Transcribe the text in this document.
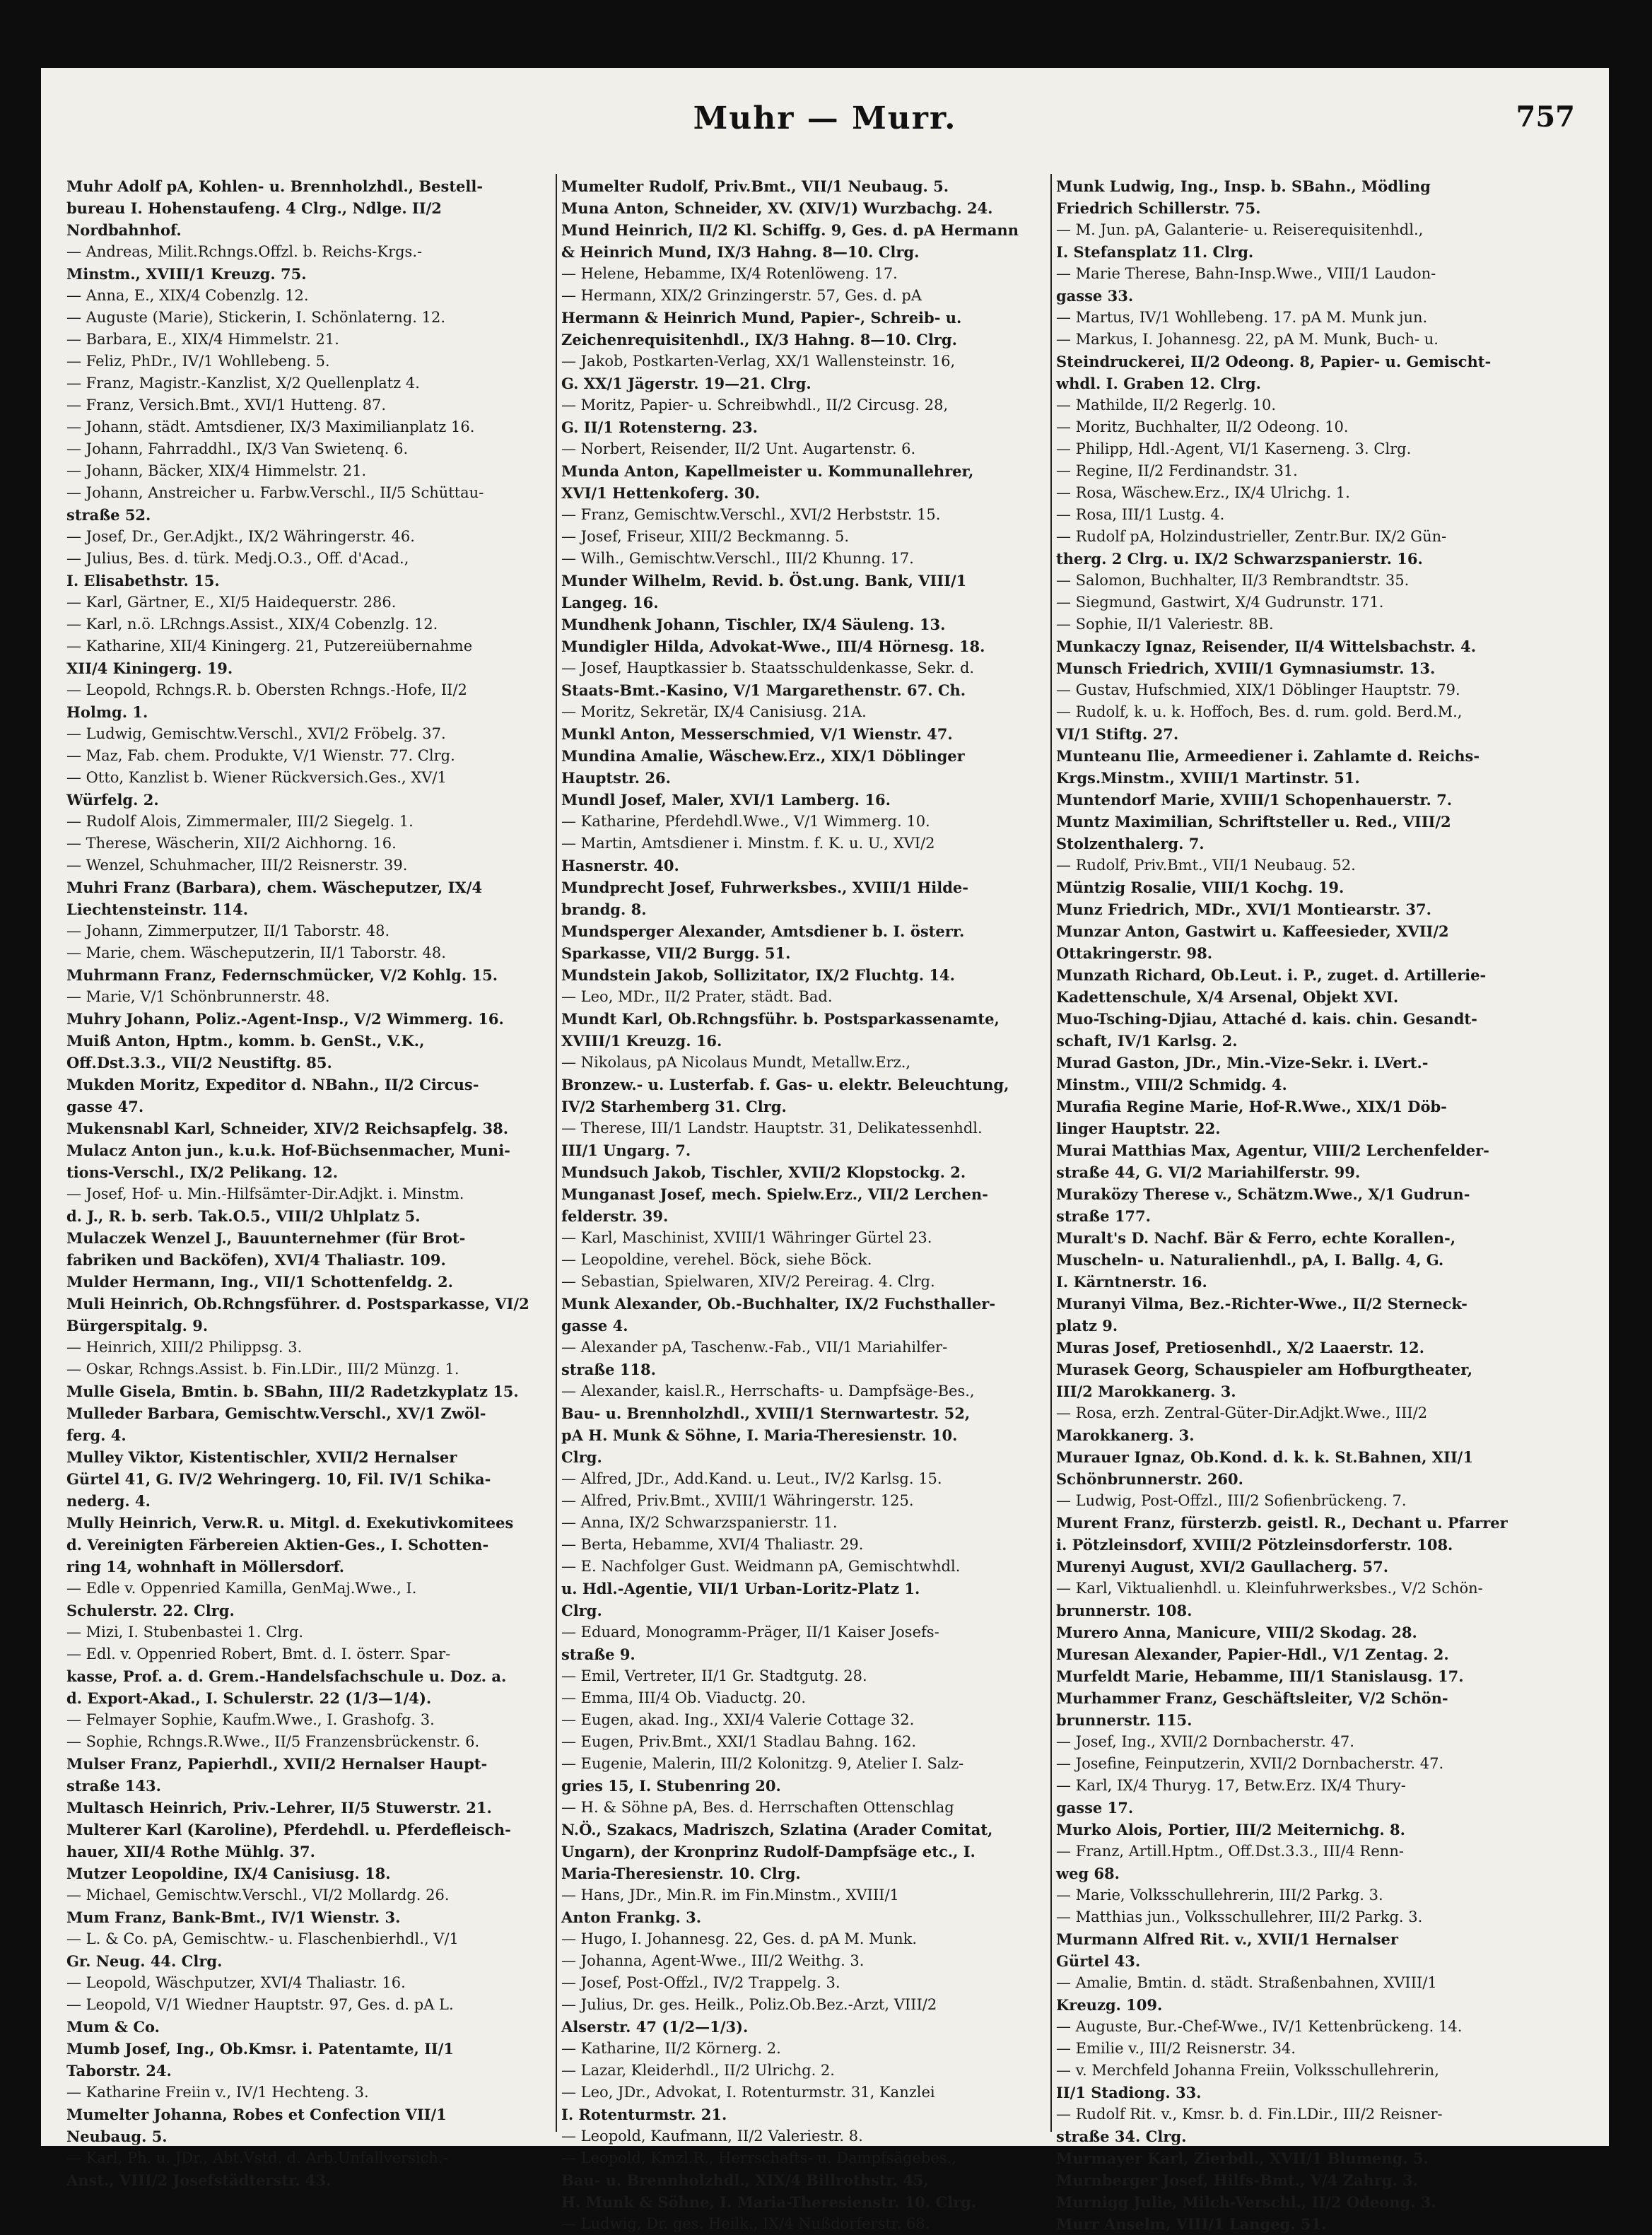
Muhr — Murr.	757
Muhr Adolf pA, Kohlen- u. Brennholzhdl., Bestell-
bureau I. Hohenstaufeng. 4 Clrg., Ndlge. II/2
Nordbahnhof.
— Andreas, Milit.Rchngs.Offzl. b. Reichs-Krgs.-
Minstm., XVIII/1 Kreuzg. 75.
— Anna, E., XIX/4 Cobenzlg. 12.
— Auguste (Marie), Stickerin, I. Schönlaterng. 12.
— Barbara, E., XIX/4 Himmelstr. 21.
— Feliz, PhDr., IV/1 Wohllebeng. 5.
— Franz, Magistr.-Kanzlist, X/2 Quellenplatz 4.
— Franz, Versich.Bmt., XVI/1 Hutteng. 87.
— Johann, städt. Amtsdiener, IX/3 Maximilianplatz 16.
— Johann, Fahrraddhl., IX/3 Van Swietenq. 6.
— Johann, Bäcker, XIX/4 Himmelstr. 21.
— Johann, Anstreicher u. Farbw.Verschl., II/5 Schüttau-
straße 52.
— Josef, Dr., Ger.Adjkt., IX/2 Währingerstr. 46.
— Julius, Bes. d. türk. Medj.O.3., Off. d'Acad.,
I. Elisabethstr. 15.
— Karl, Gärtner, E., XI/5 Haidequerstr. 286.
— Karl, n.ö. LRchngs.Assist., XIX/4 Cobenzlg. 12.
— Katharine, XII/4 Kiningerg. 21, Putzereiübernahme
XII/4 Kiningerg. 19.
— Leopold, Rchngs.R. b. Obersten Rchngs.-Hofe, II/2
Holmg. 1.
— Ludwig, Gemischtw.Verschl., XVI/2 Fröbelg. 37.
— Maz, Fab. chem. Produkte, V/1 Wienstr. 77. Clrg.
— Otto, Kanzlist b. Wiener Rückversich.Ges., XV/1
Würfelg. 2.
— Rudolf Alois, Zimmermaler, III/2 Siegelg. 1.
— Therese, Wäscherin, XII/2 Aichhorng. 16.
— Wenzel, Schuhmacher, III/2 Reisnerstr. 39.
Muhri Franz (Barbara), chem. Wäscheputzer, IX/4
Liechtensteinstr. 114.
— Johann, Zimmerputzer, II/1 Taborstr. 48.
— Marie, chem. Wäscheputzerin, II/1 Taborstr. 48.
Muhrmann Franz, Federnschmücker, V/2 Kohlg. 15.
— Marie, V/1 Schönbrunnerstr. 48.
Muhry Johann, Poliz.-Agent-Insp., V/2 Wimmerg. 16.
Muiß Anton, Hptm., komm. b. GenSt., V.K.,
Off.Dst.3.3., VII/2 Neustiftg. 85.
Mukden Moritz, Expeditor d. NBahn., II/2 Circus-
gasse 47.
Mukensnabl Karl, Schneider, XIV/2 Reichsapfelg. 38.
Mulacz Anton jun., k.u.k. Hof-Büchsenmacher, Muni-
tions-Verschl., IX/2 Pelikang. 12.
— Josef, Hof- u. Min.-Hilfsämter-Dir.Adjkt. i. Minstm.
d. J., R. b. serb. Tak.O.5., VIII/2 Uhlplatz 5.
Mulaczek Wenzel J., Bauunternehmer (für Brot-
fabriken und Backöfen), XVI/4 Thaliastr. 109.
Mulder Hermann, Ing., VII/1 Schottenfeldg. 2.
Muli Heinrich, Ob.Rchngsführer. d. Postsparkasse, VI/2
Bürgerspitalg. 9.
— Heinrich, XIII/2 Philippsg. 3.
— Oskar, Rchngs.Assist. b. Fin.LDir., III/2 Münzg. 1.
Mulle Gisela, Bmtin. b. SBahn, III/2 Radetzkyplatz 15.
Mulleder Barbara, Gemischtw.Verschl., XV/1 Zwöl-
ferg. 4.
Mulley Viktor, Kistentischler, XVII/2 Hernalser
Gürtel 41, G. IV/2 Wehringerg. 10, Fil. IV/1 Schika-
nederg. 4.
Mully Heinrich, Verw.R. u. Mitgl. d. Exekutivkomitees
d. Vereinigten Färbereien Aktien-Ges., I. Schotten-
ring 14, wohnhaft in Möllersdorf.
— Edle v. Oppenried Kamilla, GenMaj.Wwe., I.
Schulerstr. 22. Clrg.
— Mizi, I. Stubenbastei 1. Clrg.
— Edl. v. Oppenried Robert, Bmt. d. I. österr. Spar-
kasse, Prof. a. d. Grem.-Handelsfachschule u. Doz. a.
d. Export-Akad., I. Schulerstr. 22 (1/3—1/4).
— Felmayer Sophie, Kaufm.Wwe., I. Grashofg. 3.
— Sophie, Rchngs.R.Wwe., II/5 Franzensbrückenstr. 6.
Mulser Franz, Papierhdl., XVII/2 Hernalser Haupt-
straße 143.
Multasch Heinrich, Priv.-Lehrer, II/5 Stuwerstr. 21.
Multerer Karl (Karoline), Pferdehdl. u. Pferdefleisch-
hauer, XII/4 Rothe Mühlg. 37.
Mutzer Leopoldine, IX/4 Canisiusg. 18.
— Michael, Gemischtw.Verschl., VI/2 Mollardg. 26.
Mum Franz, Bank-Bmt., IV/1 Wienstr. 3.
— L. & Co. pA, Gemischtw.- u. Flaschenbierhdl., V/1
Gr. Neug. 44. Clrg.
— Leopold, Wäschputzer, XVI/4 Thaliastr. 16.
— Leopold, V/1 Wiedner Hauptstr. 97, Ges. d. pA L.
Mum & Co.
Mumb Josef, Ing., Ob.Kmsr. i. Patentamte, II/1
Taborstr. 24.
— Katharine Freiin v., IV/1 Hechteng. 3.
Mumelter Johanna, Robes et Confection VII/1
Neubaug. 5.
— Karl, Ph. u. JDr., Abt.Vstd. d. Arb.Unfallversich.-
Anst., VIII/2 Josefstädterstr. 43.
Mumelter Rudolf, Priv.Bmt., VII/1 Neubaug. 5.
Muna Anton, Schneider, XV. (XIV/1) Wurzbachg. 24.
Mund Heinrich, II/2 Kl. Schiffg. 9, Ges. d. pA Hermann
& Heinrich Mund, IX/3 Hahng. 8—10. Clrg.
— Helene, Hebamme, IX/4 Rotenlöweng. 17.
— Hermann, XIX/2 Grinzingerstr. 57, Ges. d. pA
Hermann & Heinrich Mund, Papier-, Schreib- u.
Zeichenrequisitenhdl., IX/3 Hahng. 8—10. Clrg.
— Jakob, Postkarten-Verlag, XX/1 Wallensteinstr. 16,
G. XX/1 Jägerstr. 19—21. Clrg.
— Moritz, Papier- u. Schreibwhdl., II/2 Circusg. 28,
G. II/1 Rotensterng. 23.
— Norbert, Reisender, II/2 Unt. Augartenstr. 6.
Munda Anton, Kapellmeister u. Kommunallehrer,
XVI/1 Hettenkoferg. 30.
— Franz, Gemischtw.Verschl., XVI/2 Herbststr. 15.
— Josef, Friseur, XIII/2 Beckmanng. 5.
— Wilh., Gemischtw.Verschl., III/2 Khunng. 17.
Munder Wilhelm, Revid. b. Öst.ung. Bank, VIII/1
Langeg. 16.
Mundhenk Johann, Tischler, IX/4 Säuleng. 13.
Mundigler Hilda, Advokat-Wwe., III/4 Hörnesg. 18.
— Josef, Hauptkassier b. Staatsschuldenkasse, Sekr. d.
Staats-Bmt.-Kasino, V/1 Margarethenstr. 67. Ch.
— Moritz, Sekretär, IX/4 Canisiusg. 21A.
Munkl Anton, Messerschmied, V/1 Wienstr. 47.
Mundina Amalie, Wäschew.Erz., XIX/1 Döblinger
Hauptstr. 26.
Mundl Josef, Maler, XVI/1 Lamberg. 16.
— Katharine, Pferdehdl.Wwe., V/1 Wimmerg. 10.
— Martin, Amtsdiener i. Minstm. f. K. u. U., XVI/2
Hasnerstr. 40.
Mundprecht Josef, Fuhrwerksbes., XVIII/1 Hilde-
brandg. 8.
Mundsperger Alexander, Amtsdiener b. I. österr.
Sparkasse, VII/2 Burgg. 51.
Mundstein Jakob, Sollizitator, IX/2 Fluchtg. 14.
— Leo, MDr., II/2 Prater, städt. Bad.
Mundt Karl, Ob.Rchngsführ. b. Postsparkassenamte,
XVIII/1 Kreuzg. 16.
— Nikolaus, pA Nicolaus Mundt, Metallw.Erz.,
Bronzew.- u. Lusterfab. f. Gas- u. elektr. Beleuchtung,
IV/2 Starhemberg 31. Clrg.
— Therese, III/1 Landstr. Hauptstr. 31, Delikatessenhdl.
III/1 Ungarg. 7.
Mundsuch Jakob, Tischler, XVII/2 Klopstockg. 2.
Munganast Josef, mech. Spielw.Erz., VII/2 Lerchen-
felderstr. 39.
— Karl, Maschinist, XVIII/1 Währinger Gürtel 23.
— Leopoldine, verehel. Böck, siehe Böck.
— Sebastian, Spielwaren, XIV/2 Pereirag. 4. Clrg.
Munk Alexander, Ob.-Buchhalter, IX/2 Fuchsthaller-
gasse 4.
— Alexander pA, Taschenw.-Fab., VII/1 Mariahilfer-
straße 118.
— Alexander, kaisl.R., Herrschafts- u. Dampfsäge-Bes.,
Bau- u. Brennholzhdl., XVIII/1 Sternwartestr. 52,
pA H. Munk & Söhne, I. Maria-Theresienstr. 10.
Clrg.
— Alfred, JDr., Add.Kand. u. Leut., IV/2 Karlsg. 15.
— Alfred, Priv.Bmt., XVIII/1 Währingerstr. 125.
— Anna, IX/2 Schwarzspanierstr. 11.
— Berta, Hebamme, XVI/4 Thaliastr. 29.
— E. Nachfolger Gust. Weidmann pA, Gemischtwhdl.
u. Hdl.-Agentie, VII/1 Urban-Loritz-Platz 1.
Clrg.
— Eduard, Monogramm-Präger, II/1 Kaiser Josefs-
straße 9.
— Emil, Vertreter, II/1 Gr. Stadtgutg. 28.
— Emma, III/4 Ob. Viaductg. 20.
— Eugen, akad. Ing., XXI/4 Valerie Cottage 32.
— Eugen, Priv.Bmt., XXI/1 Stadlau Bahng. 162.
— Eugenie, Malerin, III/2 Kolonitzg. 9, Atelier I. Salz-
gries 15, I. Stubenring 20.
— H. & Söhne pA, Bes. d. Herrschaften Ottenschlag
N.Ö., Szakacs, Madriszch, Szlatina (Arader Comitat,
Ungarn), der Kronprinz Rudolf-Dampfsäge etc., I.
Maria-Theresienstr. 10. Clrg.
— Hans, JDr., Min.R. im Fin.Minstm., XVIII/1
Anton Frankg. 3.
— Hugo, I. Johannesg. 22, Ges. d. pA M. Munk.
— Johanna, Agent-Wwe., III/2 Weithg. 3.
— Josef, Post-Offzl., IV/2 Trappelg. 3.
— Julius, Dr. ges. Heilk., Poliz.Ob.Bez.-Arzt, VIII/2
Alserstr. 47 (1/2—1/3).
— Katharine, II/2 Körnerg. 2.
— Lazar, Kleiderhdl., II/2 Ulrichg. 2.
— Leo, JDr., Advokat, I. Rotenturmstr. 31, Kanzlei
I. Rotenturmstr. 21.
— Leopold, Kaufmann, II/2 Valeriestr. 8.
— Leopold, Kmzl.R., Herrschafts- u. Dampfsägebes.,
Bau- u. Brennholzhdl., XIX/4 Billrothstr. 45,
H. Munk & Söhne, I. Maria-Theresienstr. 10. Clrg.
— Ludwig, Dr. ges. Heilk., IX/4 Nußdorferstr. 68.
Munk Ludwig, Ing., Insp. b. SBahn., Mödling
Friedrich Schillerstr. 75.
— M. Jun. pA, Galanterie- u. Reiserequisitenhdl.,
I. Stefansplatz 11. Clrg.
— Marie Therese, Bahn-Insp.Wwe., VIII/1 Laudon-
gasse 33.
— Martus, IV/1 Wohllebeng. 17. pA M. Munk jun.
— Markus, I. Johannesg. 22, pA M. Munk, Buch- u.
Steindruckerei, II/2 Odeong. 8, Papier- u. Gemischt-
whdl. I. Graben 12. Clrg.
— Mathilde, II/2 Regerlg. 10.
— Moritz, Buchhalter, II/2 Odeong. 10.
— Philipp, Hdl.-Agent, VI/1 Kaserneng. 3. Clrg.
— Regine, II/2 Ferdinandstr. 31.
— Rosa, Wäschew.Erz., IX/4 Ulrichg. 1.
— Rosa, III/1 Lustg. 4.
— Rudolf pA, Holzindustrieller, Zentr.Bur. IX/2 Gün-
therg. 2 Clrg. u. IX/2 Schwarzspanierstr. 16.
— Salomon, Buchhalter, II/3 Rembrandtstr. 35.
— Siegmund, Gastwirt, X/4 Gudrunstr. 171.
— Sophie, II/1 Valeriestr. 8B.
Munkaczy Ignaz, Reisender, II/4 Wittelsbachstr. 4.
Munsch Friedrich, XVIII/1 Gymnasiumstr. 13.
— Gustav, Hufschmied, XIX/1 Döblinger Hauptstr. 79.
— Rudolf, k. u. k. Hoffoch, Bes. d. rum. gold. Berd.M.,
VI/1 Stiftg. 27.
Munteanu Ilie, Armeediener i. Zahlamte d. Reichs-
Krgs.Minstm., XVIII/1 Martinstr. 51.
Muntendorf Marie, XVIII/1 Schopenhauerstr. 7.
Muntz Maximilian, Schriftsteller u. Red., VIII/2
Stolzenthalerg. 7.
— Rudolf, Priv.Bmt., VII/1 Neubaug. 52.
Müntzig Rosalie, VIII/1 Kochg. 19.
Munz Friedrich, MDr., XVI/1 Montiearstr. 37.
Munzar Anton, Gastwirt u. Kaffeesieder, XVII/2
Ottakringerstr. 98.
Munzath Richard, Ob.Leut. i. P., zuget. d. Artillerie-
Kadettenschule, X/4 Arsenal, Objekt XVI.
Muo-Tsching-Djiau, Attaché d. kais. chin. Gesandt-
schaft, IV/1 Karlsg. 2.
Murad Gaston, JDr., Min.-Vize-Sekr. i. LVert.-
Minstm., VIII/2 Schmidg. 4.
Murafia Regine Marie, Hof-R.Wwe., XIX/1 Döb-
linger Hauptstr. 22.
Murai Matthias Max, Agentur, VIII/2 Lerchenfelder-
straße 44, G. VI/2 Mariahilferstr. 99.
Muraközy Therese v., Schätzm.Wwe., X/1 Gudrun-
straße 177.
Muralt's D. Nachf. Bär & Ferro, echte Korallen-,
Muscheln- u. Naturalienhdl., pA, I. Ballg. 4, G.
I. Kärntnerstr. 16.
Muranyi Vilma, Bez.-Richter-Wwe., II/2 Sterneck-
platz 9.
Muras Josef, Pretiosenhdl., X/2 Laaerstr. 12.
Murasek Georg, Schauspieler am Hofburgtheater,
III/2 Marokkanerg. 3.
— Rosa, erzh. Zentral-Güter-Dir.Adjkt.Wwe., III/2
Marokkanerg. 3.
Murauer Ignaz, Ob.Kond. d. k. k. St.Bahnen, XII/1
Schönbrunnerstr. 260.
— Ludwig, Post-Offzl., III/2 Sofienbrückeng. 7.
Murent Franz, fürsterzb. geistl. R., Dechant u. Pfarrer
i. Pötzleinsdorf, XVIII/2 Pötzleinsdorferstr. 108.
Murenyi August, XVI/2 Gaullacherg. 57.
— Karl, Viktualienhdl. u. Kleinfuhrwerksbes., V/2 Schön-
brunnerstr. 108.
Murero Anna, Manicure, VIII/2 Skodag. 28.
Muresan Alexander, Papier-Hdl., V/1 Zentag. 2.
Murfeldt Marie, Hebamme, III/1 Stanislausg. 17.
Murhammer Franz, Geschäftsleiter, V/2 Schön-
brunnerstr. 115.
— Josef, Ing., XVII/2 Dornbacherstr. 47.
— Josefine, Feinputzerin, XVII/2 Dornbacherstr. 47.
— Karl, IX/4 Thuryg. 17, Betw.Erz. IX/4 Thury-
gasse 17.
Murko Alois, Portier, III/2 Meiternichg. 8.
— Franz, Artill.Hptm., Off.Dst.3.3., III/4 Renn-
weg 68.
— Marie, Volksschullehrerin, III/2 Parkg. 3.
— Matthias jun., Volksschullehrer, III/2 Parkg. 3.
Murmann Alfred Rit. v., XVII/1 Hernalser
Gürtel 43.
— Amalie, Bmtin. d. städt. Straßenbahnen, XVIII/1
Kreuzg. 109.
— Auguste, Bur.-Chef-Wwe., IV/1 Kettenbrückeng. 14.
— Emilie v., III/2 Reisnerstr. 34.
— v. Merchfeld Johanna Freiin, Volksschullehrerin,
II/1 Stadiong. 33.
— Rudolf Rit. v., Kmsr. b. d. Fin.LDir., III/2 Reisner-
straße 34. Clrg.
Murmayer Karl, Zierbdl., XVII/1 Blumeng. 5.
Murnberger Josef, Hilfs-Bmt., V/4 Zahrg. 3.
Murnigg Julie, Milch-Verschl., II/2 Odeong. 3.
Murr Anselm, VIII/1 Langeg. 51.
